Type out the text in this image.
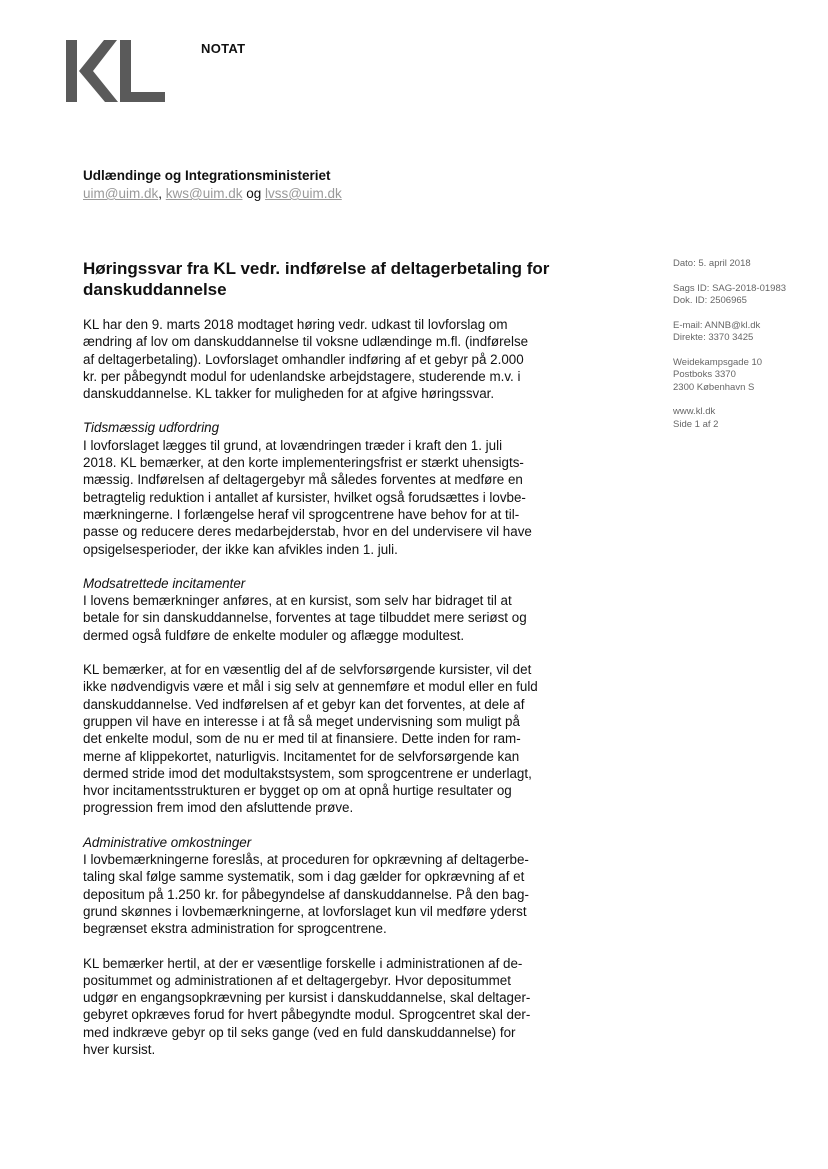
NOTAT
Udlændinge og Integrationsministeriet
uim@uim.dk, kws@uim.dk og lvss@uim.dk
Høringssvar fra KL vedr. indførelse af deltagerbetaling for danskuddannelse

KL har den 9. marts 2018 modtaget høring vedr. udkast til lovforslag om
ændring af lov om danskuddannelse til voksne udlændinge m.fl. (indførelse
af deltagerbetaling). Lovforslaget omhandler indføring af et gebyr på 2.000
kr. per påbegyndt modul for udenlandske arbejdstagere, studerende m.v. i
danskuddannelse. KL takker for muligheden for at afgive høringssvar.

Tidsmæssig udfordring
I lovforslaget lægges til grund, at lovændringen træder i kraft den 1. juli
2018. KL bemærker, at den korte implementeringsfrist er stærkt uhensigts-
mæssig. Indførelsen af deltagergebyr må således forventes at medføre en
betragtelig reduktion i antallet af kursister, hvilket også forudsættes i lovbe-
mærkningerne. I forlængelse heraf vil sprogcentrene have behov for at til-
passe og reducere deres medarbejderstab, hvor en del undervisere vil have
opsigelsesperioder, der ikke kan afvikles inden 1. juli.

Modsatrettede incitamenter
I lovens bemærkninger anføres, at en kursist, som selv har bidraget til at
betale for sin danskuddannelse, forventes at tage tilbuddet mere seriøst og
dermed også fuldføre de enkelte moduler og aflægge modultest.

KL bemærker, at for en væsentlig del af de selvforsørgende kursister, vil det
ikke nødvendigvis være et mål i sig selv at gennemføre et modul eller en fuld
danskuddannelse. Ved indførelsen af et gebyr kan det forventes, at dele af
gruppen vil have en interesse i at få så meget undervisning som muligt på
det enkelte modul, som de nu er med til at finansiere. Dette inden for ram-
merne af klippekortet, naturligvis. Incitamentet for de selvforsørgende kan
dermed stride imod det modultakstsystem, som sprogcentrene er underlagt,
hvor incitamentsstrukturen er bygget op om at opnå hurtige resultater og
progression frem imod den afsluttende prøve.

Administrative omkostninger
I lovbemærkningerne foreslås, at proceduren for opkrævning af deltagerbe-
taling skal følge samme systematik, som i dag gælder for opkrævning af et
depositum på 1.250 kr. for påbegyndelse af danskuddannelse. På den bag-
grund skønnes i lovbemærkningerne, at lovforslaget kun vil medføre yderst
begrænset ekstra administration for sprogcentrene.

KL bemærker hertil, at der er væsentlige forskelle i administrationen af de-
positummet og administrationen af et deltagergebyr. Hvor depositummet
udgør en engangsopkrævning per kursist i danskuddannelse, skal deltager-
gebyret opkræves forud for hvert påbegyndte modul. Sprogcentret skal der-
med indkræve gebyr op til seks gange (ved en fuld danskuddannelse) for
hver kursist.

Dato: 5. april 2018
Sags ID: SAG-2018-01983
Dok. ID: 2506965
E-mail: ANNB@kl.dk
Direkte: 3370 3425
Weidekampsgade 10
Postboks 3370
2300 København S
www.kl.dk
Side 1 af 2
